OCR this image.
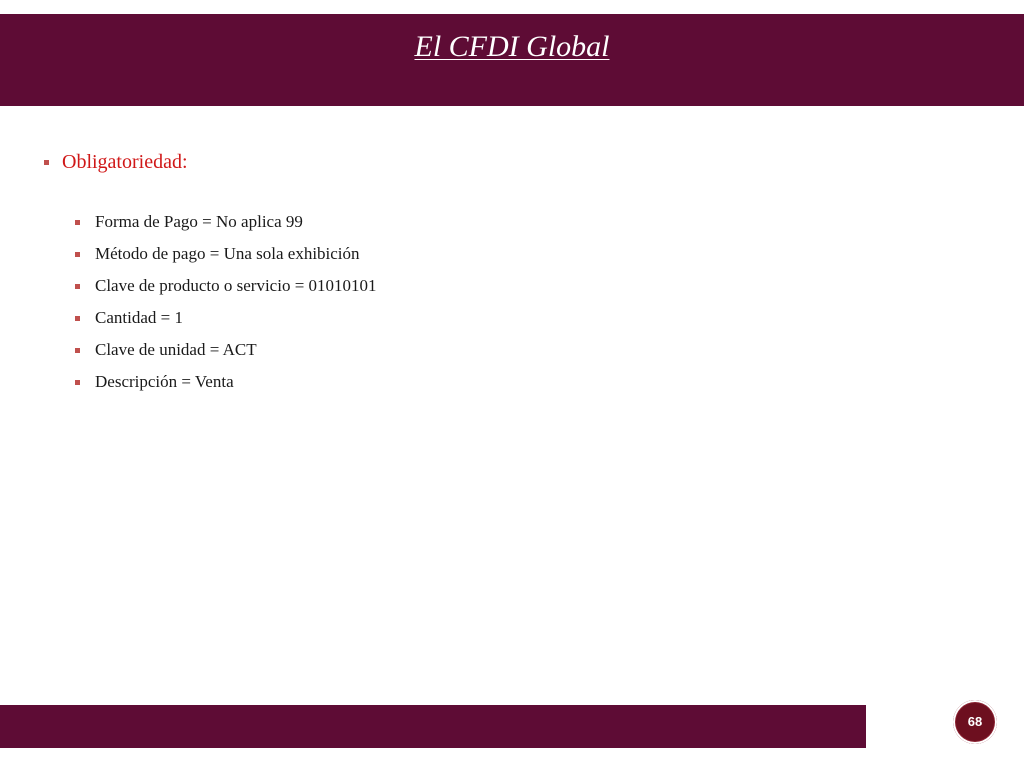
El CFDI Global
Obligatoriedad:
Forma de Pago = No aplica 99
Método de pago = Una sola exhibición
Clave de producto o servicio = 01010101
Cantidad = 1
Clave de unidad = ACT
Descripción = Venta
68
